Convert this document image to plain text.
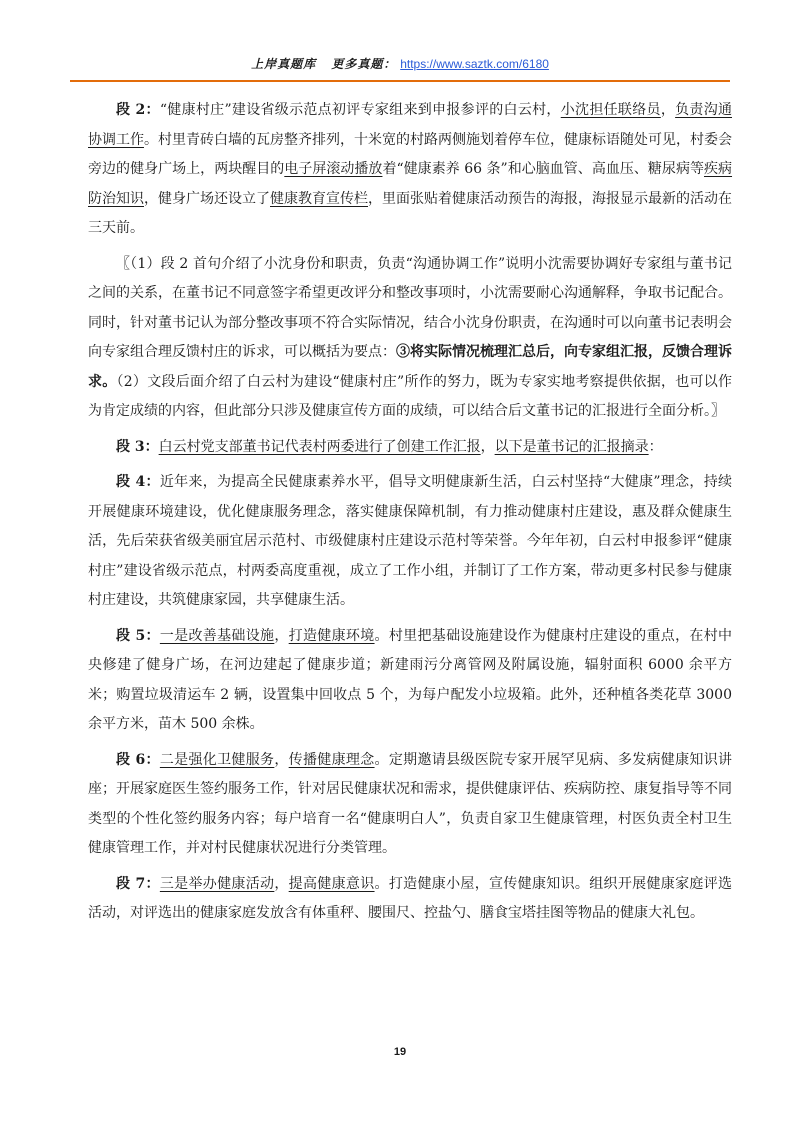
上岸真题库 更多真题： https://www.saztk.com/6180

段 2：“健康村庄”建设省级示范点初评专家组来到申报参评的白云村，小沈担任联络员，负责沟通协调工作。村里青砖白墙的瓦房整齐排列，十米宽的村路两侧施划着停车位，健康标语随处可见，村委会旁边的健身广场上，两块醒目的电子屏滚动播放着“健康素养 66 条”和心脑血管、高血压、糖尿病等疾病防治知识，健身广场还设立了健康教育宣传栏，里面张贴着健康活动预告的海报，海报显示最新的活动在三天前。

〖（1）段 2 首句介绍了小沈身份和职责，负责“沟通协调工作”说明小沈需要协调好专家组与董书记之间的关系，在董书记不同意签字希望更改评分和整改事项时，小沈需要耐心沟通解释，争取书记配合。同时，针对董书记认为部分整改事项不符合实际情况，结合小沈身份职责，在沟通时可以向董书记表明会向专家组合理反馈村庄的诉求，可以概括为要点：③将实际情况梳理汇总后，向专家组汇报，反馈合理诉求。（2）文段后面介绍了白云村为建设“健康村庄”所作的努力，既为专家实地考察提供依据，也可以作为肯定成绩的内容，但此部分只涉及健康宣传方面的成绩，可以结合后文董书记的汇报进行全面分析。〗

段 3：白云村党支部董书记代表村两委进行了创建工作汇报，以下是董书记的汇报摘录：

段 4：近年来，为提高全民健康素养水平，倡导文明健康新生活，白云村坚持“大健康”理念，持续开展健康环境建设，优化健康服务理念，落实健康保障机制，有力推动健康村庄建设，惠及群众健康生活，先后荣获省级美丽宜居示范村、市级健康村庄建设示范村等荣誉。今年年初，白云村申报参评“健康村庄”建设省级示范点，村两委高度重视，成立了工作小组，并制订了工作方案，带动更多村民参与健康村庄建设，共筑健康家园，共享健康生活。

段 5：一是改善基础设施，打造健康环境。村里把基础设施建设作为健康村庄建设的重点，在村中央修建了健身广场，在河边建起了健康步道；新建雨污分离管网及附属设施，辐射面积 6000 余平方米；购置垃圾清运车 2 辆，设置集中回收点 5 个，为每户配发小垃圾箱。此外，还种植各类花草 3000 余平方米，苗木 500 余株。

段 6：二是强化卫健服务，传播健康理念。定期邀请县级医院专家开展罕见病、多发病健康知识讲座；开展家庭医生签约服务工作，针对居民健康状况和需求，提供健康评估、疾病防控、康复指导等不同类型的个性化签约服务内容；每户培育一名“健康明白人”，负责自家卫生健康管理，村医负责全村卫生健康管理工作，并对村民健康状况进行分类管理。

段 7：三是举办健康活动，提高健康意识。打造健康小屋，宣传健康知识。组织开展健康家庭评选活动，对评选出的健康家庭发放含有体重秤、腰围尺、控盐勺、膳食宝塔挂图等物品的健康大礼包。

19
